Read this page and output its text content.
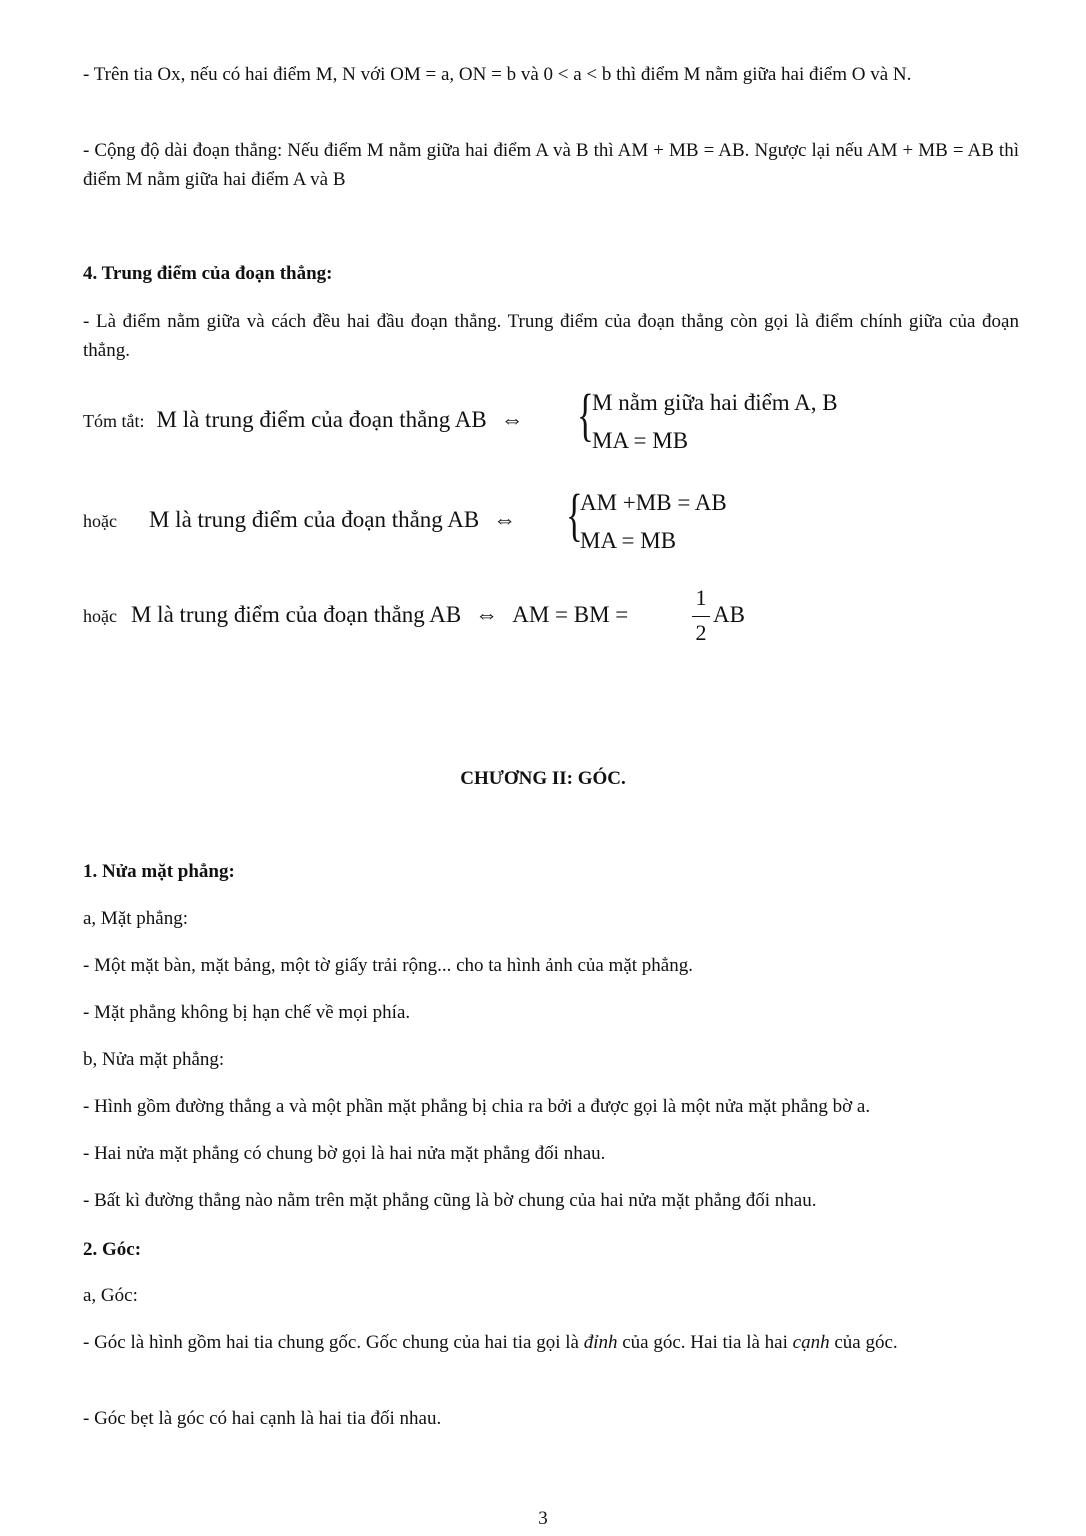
- Trên tia Ox, nếu có hai điểm M, N với OM = a, ON = b và 0 < a < b thì điểm M nằm giữa hai điểm O và N.
- Cộng độ dài đoạn thẳng: Nếu điểm M nằm giữa hai điểm A và B thì AM + MB = AB. Ngược lại nếu AM + MB = AB thì điểm M nằm giữa hai điểm A và B
4. Trung điểm của đoạn thẳng:
- Là điểm nằm giữa và cách đều hai đầu đoạn thẳng. Trung điểm của đoạn thẳng còn gọi là điểm chính giữa của đoạn thẳng.
Tóm tắt: M là trung điểm của đoạn thẳng AB ⇔ {
M nằm giữa hai điểm A, B
MA = MB
hoặc M là trung điểm của đoạn thẳng AB ⇔ {
AM +MB = AB
MA = MB
hoặc M là trung điểm của đoạn thẳng AB ⇔ AM = BM =
1
2
AB
CHƯƠNG II: GÓC.
1. Nửa mặt phẳng:
a, Mặt phẳng:
- Một mặt bàn, mặt bảng, một tờ giấy trải rộng... cho ta hình ảnh của mặt phẳng.
- Mặt phẳng không bị hạn chế về mọi phía.
b, Nửa mặt phẳng:
- Hình gồm đường thẳng a và một phần mặt phẳng bị chia ra bởi a được gọi là một nửa mặt phẳng bờ a.
- Hai nửa mặt phẳng có chung bờ gọi là hai nửa mặt phẳng đối nhau.
- Bất kì đường thẳng nào nằm trên mặt phẳng cũng là bờ chung của hai nửa mặt phẳng đối nhau.
2. Góc:
a, Góc:
- Góc là hình gồm hai tia chung gốc. Gốc chung của hai tia gọi là đỉnh của góc. Hai tia là hai cạnh của góc.
- Góc bẹt là góc có hai cạnh là hai tia đối nhau.
3
